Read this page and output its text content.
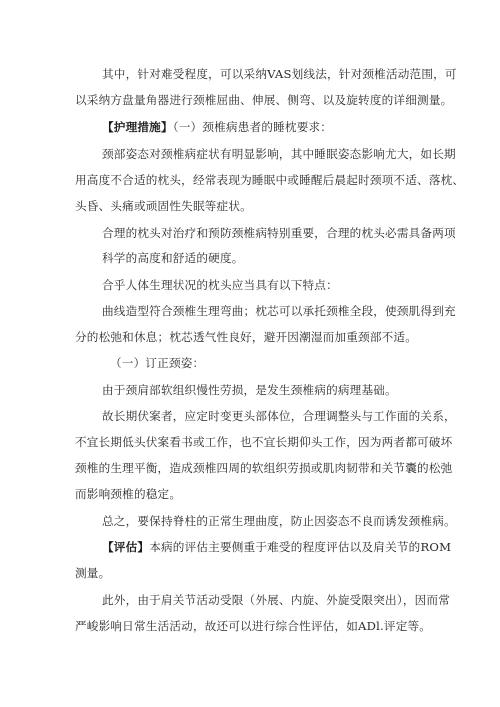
其中，针对难受程度，可以采纳VAS划线法，针对颈椎活动范围，可
以采纳方盘量角器进行颈椎屈曲、伸展、侧弯、以及旋转度的详细测量。
【护理措施】（一）颈椎病患者的睡枕要求：
颈部姿态对颈椎病症状有明显影响，其中睡眠姿态影响尤大，如长期
用高度不合适的枕头，经常表现为睡眠中或睡醒后晨起时颈项不适、落枕、
头昏、头痛或顽固性失眠等症状。
合理的枕头对治疗和预防颈椎病特别重要，合理的枕头必需具备两项
科学的高度和舒适的硬度。
合乎人体生理状况的枕头应当具有以下特点：
曲线造型符合颈椎生理弯曲；枕芯可以承托颈椎全段，使颈肌得到充
分的松弛和休息；枕芯透气性良好，避开因潮湿而加重颈部不适。
（一）订正颈姿：
由于颈肩部软组织慢性劳损，是发生颈椎病的病理基础。
故长期伏案者，应定时变更头部体位，合理调整头与工作面的关系，
不宜长期低头伏案看书或工作，也不宜长期仰头工作，因为两者都可破坏
颈椎的生理平衡，造成颈椎四周的软组织劳损或肌肉韧带和关节囊的松弛
而影响颈椎的稳定。
总之，要保持脊柱的正常生理曲度，防止因姿态不良而诱发颈椎病。
【评估】本病的评估主要侧重于难受的程度评估以及肩关节的ROM
测量。
此外，由于肩关节活动受限（外展、内旋、外旋受限突出），因而常
严峻影响日常生活活动，故还可以进行综合性评估，如ADl.评定等。
